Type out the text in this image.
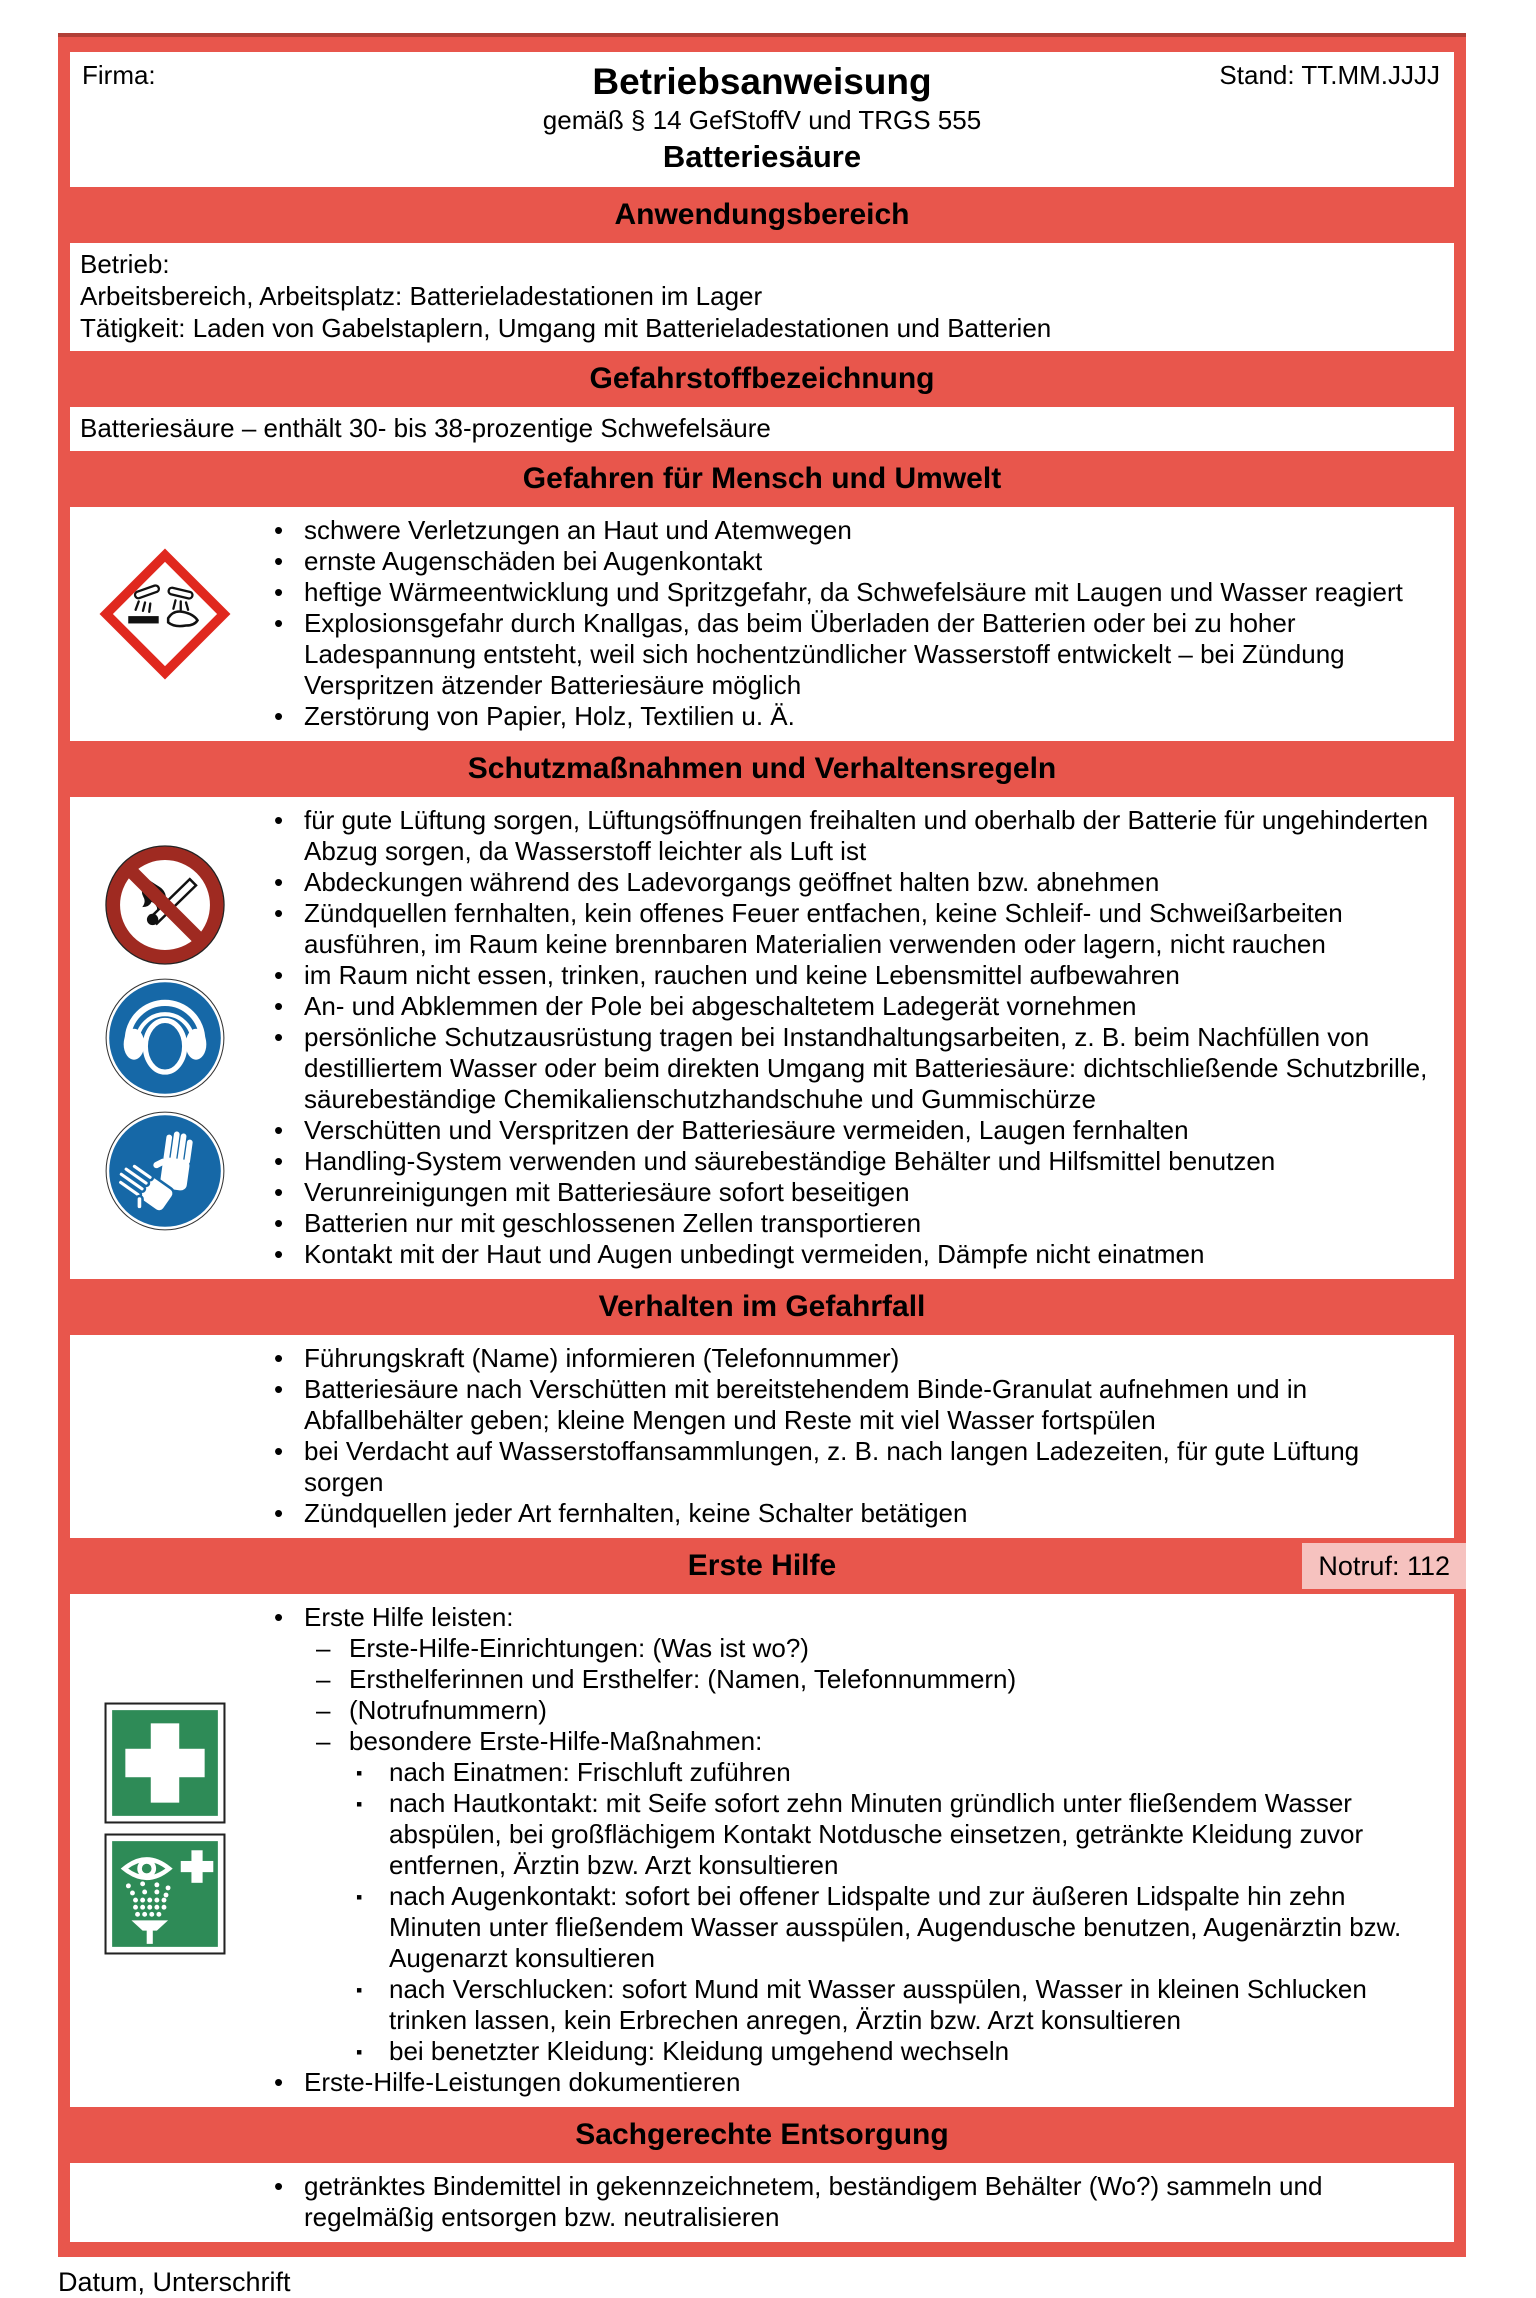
Firma:	Stand: TT.MM.JJJJ
Betriebsanweisung
gemäß § 14 GefStoffV und TRGS 555
Batteriesäure
Anwendungsbereich
Betrieb:
Arbeitsbereich, Arbeitsplatz: Batterieladestationen im Lager
Tätigkeit: Laden von Gabelstaplern, Umgang mit Batterieladestationen und Batterien
Gefahrstoffbezeichnung
Batteriesäure – enthält 30- bis 38-prozentige Schwefelsäure
Gefahren für Mensch und Umwelt
• schwere Verletzungen an Haut und Atemwegen
• ernste Augenschäden bei Augenkontakt
• heftige Wärmeentwicklung und Spritzgefahr, da Schwefelsäure mit Laugen und Wasser reagiert
• Explosionsgefahr durch Knallgas, das beim Überladen der Batterien oder bei zu hoher Ladespannung entsteht, weil sich hochentzündlicher Wasserstoff entwickelt – bei Zündung Verspritzen ätzender Batteriesäure möglich
• Zerstörung von Papier, Holz, Textilien u. Ä.
Schutzmaßnahmen und Verhaltensregeln
• für gute Lüftung sorgen, Lüftungsöffnungen freihalten und oberhalb der Batterie für ungehinderten Abzug sorgen, da Wasserstoff leichter als Luft ist
• Abdeckungen während des Ladevorgangs geöffnet halten bzw. abnehmen
• Zündquellen fernhalten, kein offenes Feuer entfachen, keine Schleif- und Schweißarbeiten ausführen, im Raum keine brennbaren Materialien verwenden oder lagern, nicht rauchen
• im Raum nicht essen, trinken, rauchen und keine Lebensmittel aufbewahren
• An- und Abklemmen der Pole bei abgeschaltetem Ladegerät vornehmen
• persönliche Schutzausrüstung tragen bei Instandhaltungsarbeiten, z. B. beim Nachfüllen von destilliertem Wasser oder beim direkten Umgang mit Batteriesäure: dichtschließende Schutzbrille, säurebeständige Chemikalienschutzhandschuhe und Gummischürze
• Verschütten und Verspritzen der Batteriesäure vermeiden, Laugen fernhalten
• Handling-System verwenden und säurebeständige Behälter und Hilfsmittel benutzen
• Verunreinigungen mit Batteriesäure sofort beseitigen
• Batterien nur mit geschlossenen Zellen transportieren
• Kontakt mit der Haut und Augen unbedingt vermeiden, Dämpfe nicht einatmen
Verhalten im Gefahrfall
• Führungskraft (Name) informieren (Telefonnummer)
• Batteriesäure nach Verschütten mit bereitstehendem Binde-Granulat aufnehmen und in Abfallbehälter geben; kleine Mengen und Reste mit viel Wasser fortspülen
• bei Verdacht auf Wasserstoffansammlungen, z. B. nach langen Ladezeiten, für gute Lüftung sorgen
• Zündquellen jeder Art fernhalten, keine Schalter betätigen
Erste Hilfe	Notruf: 112
• Erste Hilfe leisten:
– Erste-Hilfe-Einrichtungen: (Was ist wo?)
– Ersthelferinnen und Ersthelfer: (Namen, Telefonnummern)
– (Notrufnummern)
– besondere Erste-Hilfe-Maßnahmen:
▪ nach Einatmen: Frischluft zuführen
▪ nach Hautkontakt: mit Seife sofort zehn Minuten gründlich unter fließendem Wasser abspülen, bei großflächigem Kontakt Notdusche einsetzen, getränkte Kleidung zuvor entfernen, Ärztin bzw. Arzt konsultieren
▪ nach Augenkontakt: sofort bei offener Lidspalte und zur äußeren Lidspalte hin zehn Minuten unter fließendem Wasser ausspülen, Augendusche benutzen, Augenärztin bzw. Augenarzt konsultieren
▪ nach Verschlucken: sofort Mund mit Wasser ausspülen, Wasser in kleinen Schlucken trinken lassen, kein Erbrechen anregen, Ärztin bzw. Arzt konsultieren
▪ bei benetzter Kleidung: Kleidung umgehend wechseln
• Erste-Hilfe-Leistungen dokumentieren
Sachgerechte Entsorgung
• getränktes Bindemittel in gekennzeichnetem, beständigem Behälter (Wo?) sammeln und regelmäßig entsorgen bzw. neutralisieren
Datum, Unterschrift
